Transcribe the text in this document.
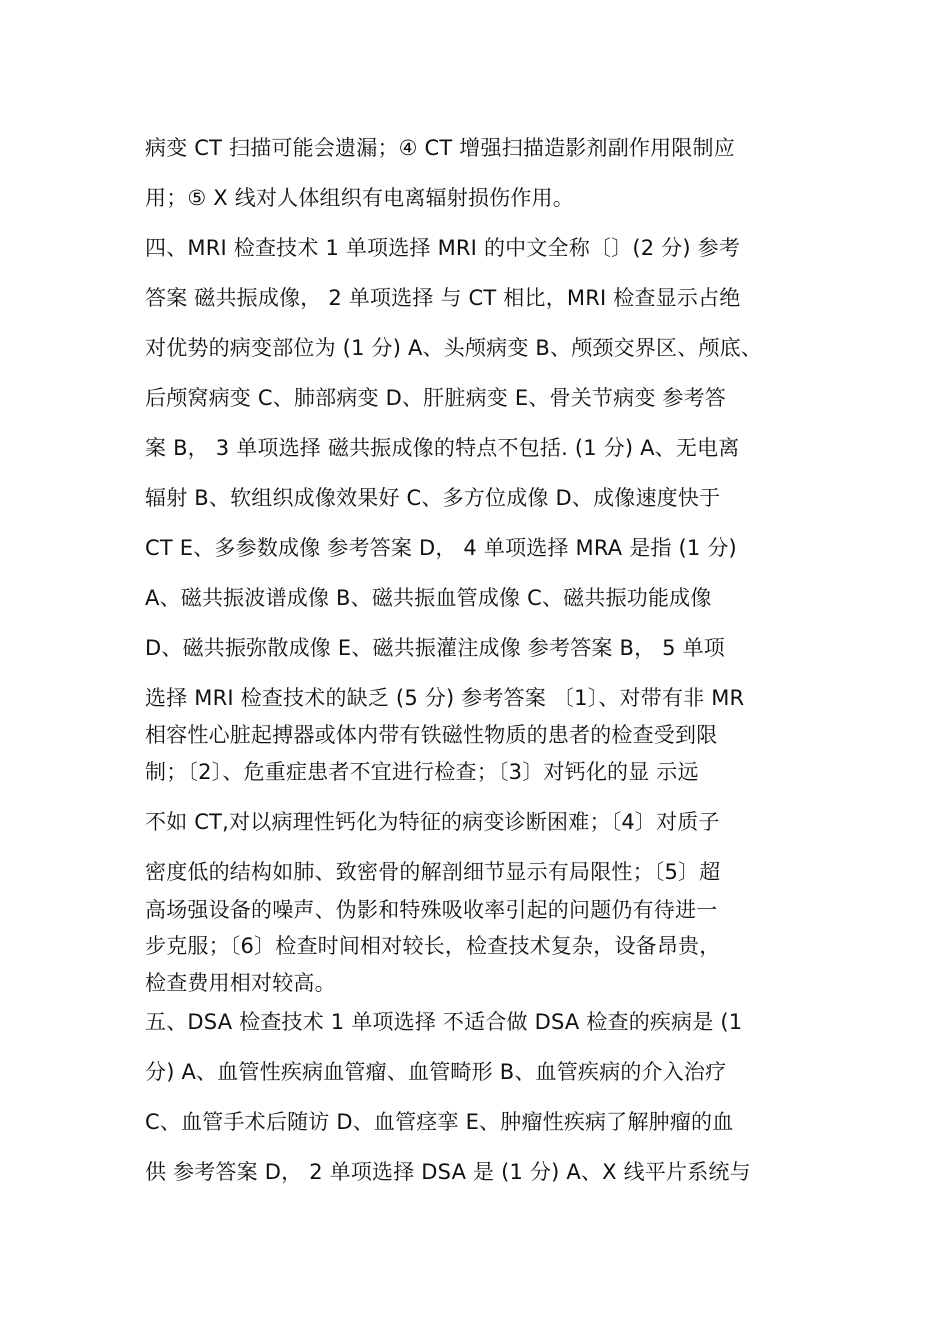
病变 CT 扫描可能会遗漏；④ CT 增强扫描造影剂副作用限制应
用；⑤ X 线对人体组织有电离辐射损伤作用。
四、MRI 检查技术 1 单项选择 MRI 的中文全称〔〕(2 分) 参考
答案 磁共振成像， 2 单项选择 与 CT 相比，MRI 检查显示占绝
对优势的病变部位为 (1 分) A、头颅病变 B、颅颈交界区、颅底、
后颅窝病变 C、肺部病变 D、肝脏病变 E、骨关节病变 参考答
案 B， 3 单项选择 磁共振成像的特点不包括. (1 分) A、无电离
辐射 B、软组织成像效果好 C、多方位成像 D、成像速度快于
CT E、多参数成像 参考答案 D， 4 单项选择 MRA 是指 (1 分)
A、磁共振波谱成像 B、磁共振血管成像 C、磁共振功能成像
D、磁共振弥散成像 E、磁共振灌注成像 参考答案 B， 5 单项
选择 MRI 检查技术的缺乏 (5 分) 参考答案 〔1〕、对带有非 MR
相容性心脏起搏器或体内带有铁磁性物质的患者的检查受到限
制；〔2〕、危重症患者不宜进行检查；〔3〕对钙化的显 示远
不如 CT,对以病理性钙化为特征的病变诊断困难；〔4〕对质子
密度低的结构如肺、致密骨的解剖细节显示有局限性；〔5〕超
高场强设备的噪声、伪影和特殊吸收率引起的问题仍有待进一
步克服；〔6〕检查时间相对较长，检查技术复杂，设备昂贵，
检查费用相对较高。
五、DSA 检查技术 1 单项选择 不适合做 DSA 检查的疾病是 (1
分) A、血管性疾病血管瘤、血管畸形 B、血管疾病的介入治疗
C、血管手术后随访 D、血管痉挛 E、肿瘤性疾病了解肿瘤的血
供 参考答案 D， 2 单项选择 DSA 是 (1 分) A、X 线平片系统与
